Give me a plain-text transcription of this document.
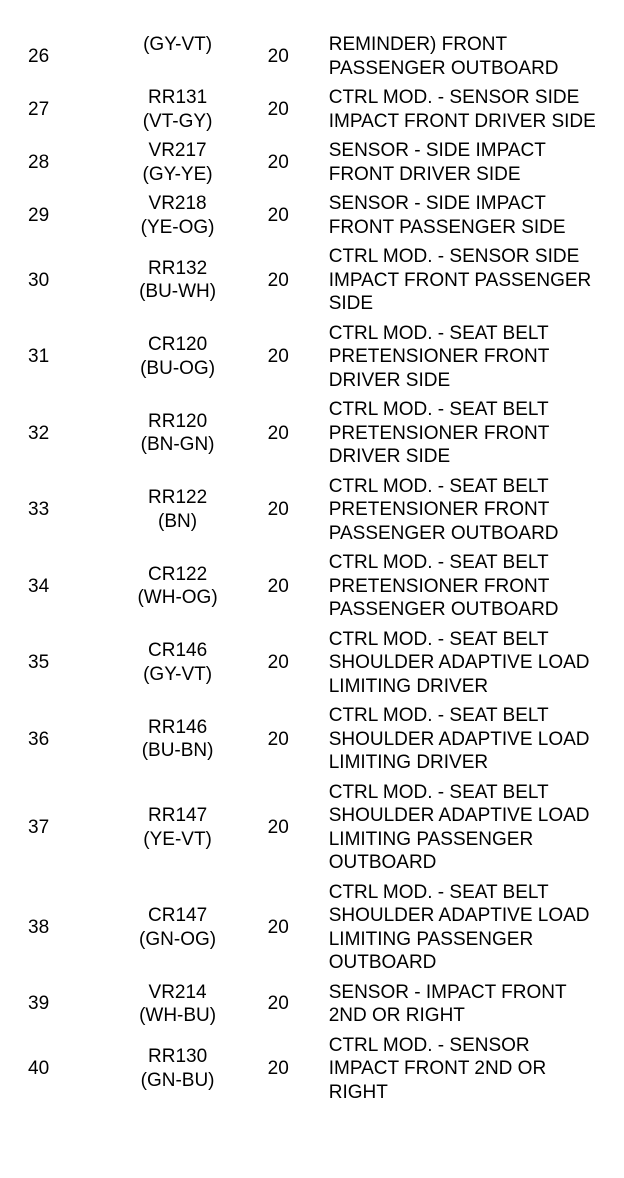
26
(GY-VT)
20
REMINDER) FRONT
PASSENGER OUTBOARD
27
RR131
(VT-GY)
20
CTRL MOD. - SENSOR SIDE
IMPACT FRONT DRIVER SIDE
28
VR217
(GY-YE)
20
SENSOR - SIDE IMPACT
FRONT DRIVER SIDE
29
VR218
(YE-OG)
20
SENSOR - SIDE IMPACT
FRONT PASSENGER SIDE
30
RR132
(BU-WH)
20
CTRL MOD. - SENSOR SIDE
IMPACT FRONT PASSENGER
SIDE
31
CR120
(BU-OG)
20
CTRL MOD. - SEAT BELT
PRETENSIONER FRONT
DRIVER SIDE
32
RR120
(BN-GN)
20
CTRL MOD. - SEAT BELT
PRETENSIONER FRONT
DRIVER SIDE
33
RR122
(BN)
20
CTRL MOD. - SEAT BELT
PRETENSIONER FRONT
PASSENGER OUTBOARD
34
CR122
(WH-OG)
20
CTRL MOD. - SEAT BELT
PRETENSIONER FRONT
PASSENGER OUTBOARD
35
CR146
(GY-VT)
20
CTRL MOD. - SEAT BELT
SHOULDER ADAPTIVE LOAD
LIMITING DRIVER
36
RR146
(BU-BN)
20
CTRL MOD. - SEAT BELT
SHOULDER ADAPTIVE LOAD
LIMITING DRIVER
37
RR147
(YE-VT)
20
CTRL MOD. - SEAT BELT
SHOULDER ADAPTIVE LOAD
LIMITING PASSENGER
OUTBOARD
38
CR147
(GN-OG)
20
CTRL MOD. - SEAT BELT
SHOULDER ADAPTIVE LOAD
LIMITING PASSENGER
OUTBOARD
39
VR214
(WH-BU)
20
SENSOR - IMPACT FRONT
2ND OR RIGHT
40
RR130
(GN-BU)
20
CTRL MOD. - SENSOR
IMPACT FRONT 2ND OR
RIGHT
